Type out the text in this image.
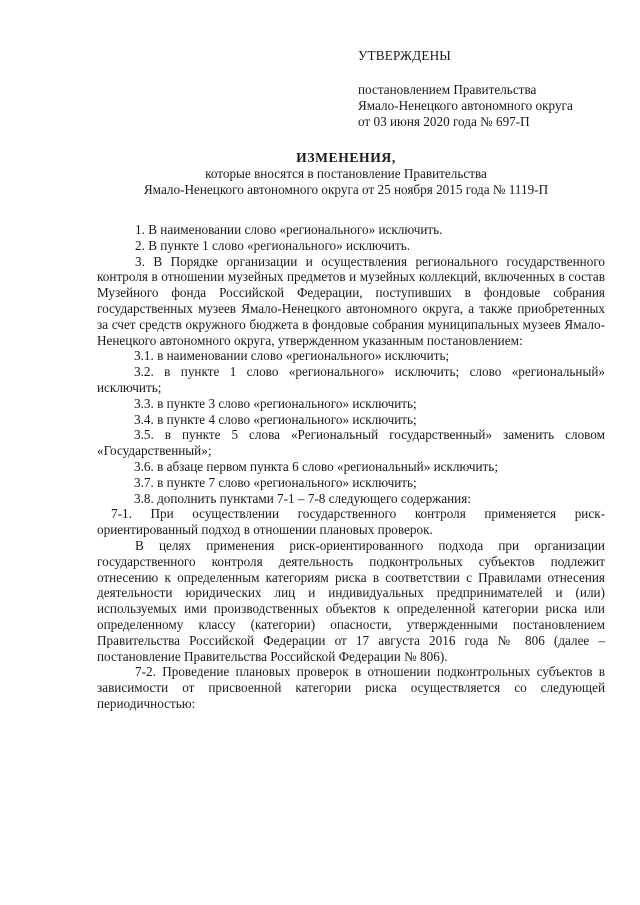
УТВЕРЖДЕНЫ
постановлением Правительства
Ямало-Ненецкого автономного округа
от 03 июня 2020 года № 697-П
ИЗМЕНЕНИЯ,
которые вносятся в постановление Правительства
Ямало-Ненецкого автономного округа от 25 ноября 2015 года № 1119-П

1. В наименовании слово «регионального» исключить.

2. В пункте 1 слово «регионального» исключить.

3. В Порядке организации и осуществления регионального государственного контроля в отношении музейных предметов и музейных коллекций, включенных в состав Музейного фонда Российской Федерации, поступивших в фондовые собрания государственных музеев Ямало-Ненецкого автономного округа, а также приобретенных за счет средств окружного бюджета в фондовые собрания муниципальных музеев Ямало-Ненецкого автономного округа, утвержденном указанным постановлением:

3.1. в наименовании слово «регионального» исключить;

3.2. в пункте 1 слово «регионального» исключить; слово «региональный» исключить;

3.3. в пункте 3 слово «регионального» исключить;

3.4. в пункте 4 слово «регионального» исключить;

3.5. в пункте 5 слова «Региональный государственный» заменить словом «Государственный»;

3.6. в абзаце первом пункта 6 слово «региональный» исключить;

3.7. в пункте 7 слово «регионального» исключить;

3.8. дополнить пунктами 7-1 – 7-8 следующего содержания:

7-1. При осуществлении государственного контроля применяется риск-ориентированный подход в отношении плановых проверок.

В целях применения риск-ориентированного подхода при организации государственного контроля деятельность подконтрольных субъектов подлежит отнесению к определенным категориям риска в соответствии с Правилами отнесения деятельности юридических лиц и индивидуальных предпринимателей и (или) используемых ими производственных объектов к определенной категории риска или определенному классу (категории) опасности, утвержденными постановлением Правительства Российской Федерации от 17 августа 2016 года № 806 (далее – постановление Правительства Российской Федерации № 806).

7-2. Проведение плановых проверок в отношении подконтрольных субъектов в зависимости от присвоенной категории риска осуществляется со следующей периодичностью:
